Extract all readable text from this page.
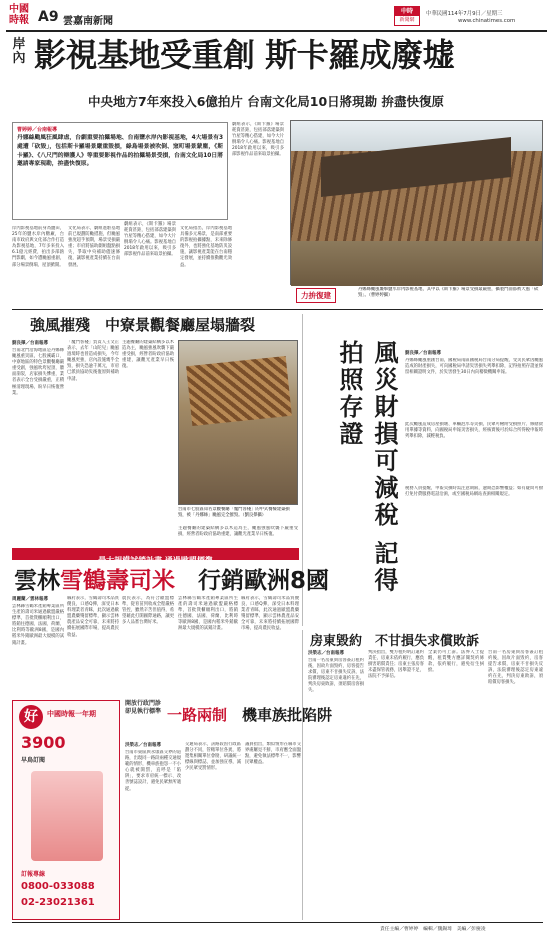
中國
時報 A9 雲嘉南新聞
中時
新聞網
中華民國114年7月9日／星期三
www.chinatimes.com
岸內 影視基地受重創 斯卡羅成廢墟
中央地方7年來投入6億拍片 台南文化局10日將現勘 拚盡快復原
曹婷婷／台南報導
丹娜絲颱風狂風肆虐，台劇重要拍攝場地、台南鹽水岸內影視基地，4大場景有3處遭「砍毀」，包括斯卡羅場景嚴重毀損，綠島場景被吹倒、窯町場景蒙塵，《斯卡羅》、《八尺門的辯護人》等重要影視作品的拍攝場景受損，台南文化局10日將邀請專家現勘，拚盡快復原。
岸內影視基地前身為鹽田，25年的鹽水岸內糖廠，台南市政府與文化部合作打造為影視基地，7年多來投入6.1億元經費，拍出多部熱門影劇，如今遭颱風重創，部分場景倒塌、屋頂掀開。
文化局表示，劇組進駐基地前已規劃防颱措施，但颱風強度超乎預期，場景受損嚴重；市府將協助劇組盤點損失，爭取中央補助儘速修復，讓影視產業持續在台南發展。
劇組表示，《斯卡羅》場景耗資甚鉅，包括部落建築與竹屋等精心搭建，如今大片倒塌令人心痛。影視基地自2018年啟用以來，吸引多部影視作品前來取景拍攝。
文化局指出，岸內影視基地具備多元場景，是南部重要的影視拍攝據點，未來除修復外，也將強化基地防災設施，讓影視產業能在台南穩定發展，並持續推動觀光效益。
劇組表示，《斯卡羅》場景耗資甚鉅，包括部落建築與竹屋等精心搭建，如今大片倒塌令人心痛。影視基地自2018年啟用以來，吸引多部影視作品前來取景拍攝。
力拚復建
丹娜絲颱風襲擊鹽水岸內影視基地，其中以《斯卡羅》場景受損最嚴重，攝製門面都被大風「砍毀」。（曹婷婷攝）
強風摧殘　中寮景觀餐廳屋塌牆裂
劉良擇／台南報導
台南北門沿海地區是丹娜絲颱風重災區，七股溪霸口、中寮地區的特色景觀餐廳嚴重受創，強風吹垮屋頂，牆面崩裂，店家損失慘重，業者表示全台受損嚴重，正積極清理現場，盼早日恢復營業。
「魔門客棧」負責人王文正表示，去年「山陀兒」颱風過境時也曾造成損失，今年颱風更強，店內設施幾乎全毀，損失恐逾千萬元，市府已派員協助災後復原與補助申請。
主題餐廳的建築結構多以木造為主，颱風強風吹襲下嚴重受損，經營者盼政府協助重建，讓觀光產業早日恢復。
台南市七股區知名景觀餐廳「魔門客棧」的中式餐樓建築損毀，被「丹娜絲」颱風完全摧毀。（劉良擇攝）
主題餐廳的建築結構多以木造為主，颱風強風吹襲下嚴重受損，經營者盼政府協助重建，讓觀光產業早日恢復。	風災財損可減稅 記得拍照存證	劉良擇／台南報導
丹娜絲颱風重創台南，國稅局南區國稅局台南分局提醒，受災民眾因颱風造成的財產損失，可向國稅局申請災害損失列舉扣除，記得拍照存證並保留相關證明文件，於災害發生30日內向稽徵機關申報。
此次颱風造成房屋損壞、車輛泡水等災損，民眾可檢附受損照片、修繕費用單據等資料，向國稅局申報災害損失，經核實後可於綜合所得稅申報時列舉扣除，減輕稅負。
稅務人員提醒，申報災損時需注意期限，逾期恐影響權益；如有疑問可撥打免付費服務電話洽詢，或至國稅局網站查詢相關規定。
最大規模試銷計畫 通過歐盟標準
雲林雪鶴壽司米　行銷歐洲8國
周麗蘭／雲林報導
雲林縣雪鶴米產銷專業區所生產的壽司米通過歐盟嚴格標準，首批貨櫃順利出口，將銷往德國、法國、荷蘭、比利時等歐洲8國，是國內稻米外銷歐洲最大規模的試銷計畫。
縣府表示，雪鶴壽司米品質優良，口感Q彈，深受日本料理業者青睞，此次通過歐盟農藥殘留標準，顯示雲林農產品安全可靠，未來將持續拓展國際市場，提高農民收益。
農民表示，為符合歐盟標準，從育苗到收成全程嚴格管控，雖然辛苦但值得，希望藉此打開國際通路，讓更多人品嘗台灣好米。
雲林縣雪鶴米產銷專業區所生產的壽司米通過歐盟嚴格標準，首批貨櫃順利出口，將銷往德國、法國、荷蘭、比利時等歐洲8國，是國內稻米外銷歐洲最大規模的試銷計畫。
縣府表示，雪鶴壽司米品質優良，口感Q彈，深受日本料理業者青睞，此次通過歐盟農藥殘留標準，顯示雲林農產品安全可靠，未來將持續拓展國際市場，提高農民收益。
好	中國時報一年期
3900
早鳥訂閱
訂報專線
0800-033088
02-23021361
開放行政門診 卻見執行標準 一路兩制　機車族批陷阱
洪榮志／台南報導
台南市東區與永康區交界的道路，出現同一路段兩種交通規範的情形，機車族抱怨一不小心就被開罰，直呼是「陷阱」，要求市府統一標示、改善號誌設計，避免民眾無所適從。
交通局表示，該路段因行政區劃分不同，管轄單位各異，將邀集相關單位會勘，研議統一標線與標誌，並加強宣導，減少民眾受罰情形。
議員指出，類似情形在縣市交界處屢見不鮮，市府應全面盤點，避免執法標準不一，影響民眾權益。
房東毀約　不甘損失求償敗訴
洪榮志／台南報導
台南一名房東與房客簽訂租約後，因故片面毀約，房客提告求償，房東不甘損失反訴，法院審理後認定房東違約在先，判決房東敗訴，須賠償房客損失。
判決指出，雙方租約明訂違約責任，房東未依約履行，應負損害賠償責任；房東主張房客未盡保管義務，因舉證不足，法院不予採信。
全案仍可上訴。法界人士提醒，租賃雙方應詳閱契約條款，依約履行，避免衍生糾紛。
台南一名房東與房客簽訂租約後，因故片面毀約，房客提告求償，房東不甘損失反訴，法院審理後認定房東違約在先，判決房東敗訴，須賠償房客損失。
責任主編／曹婷婷　編輯／魏錫琦　美編／彭慶凌
